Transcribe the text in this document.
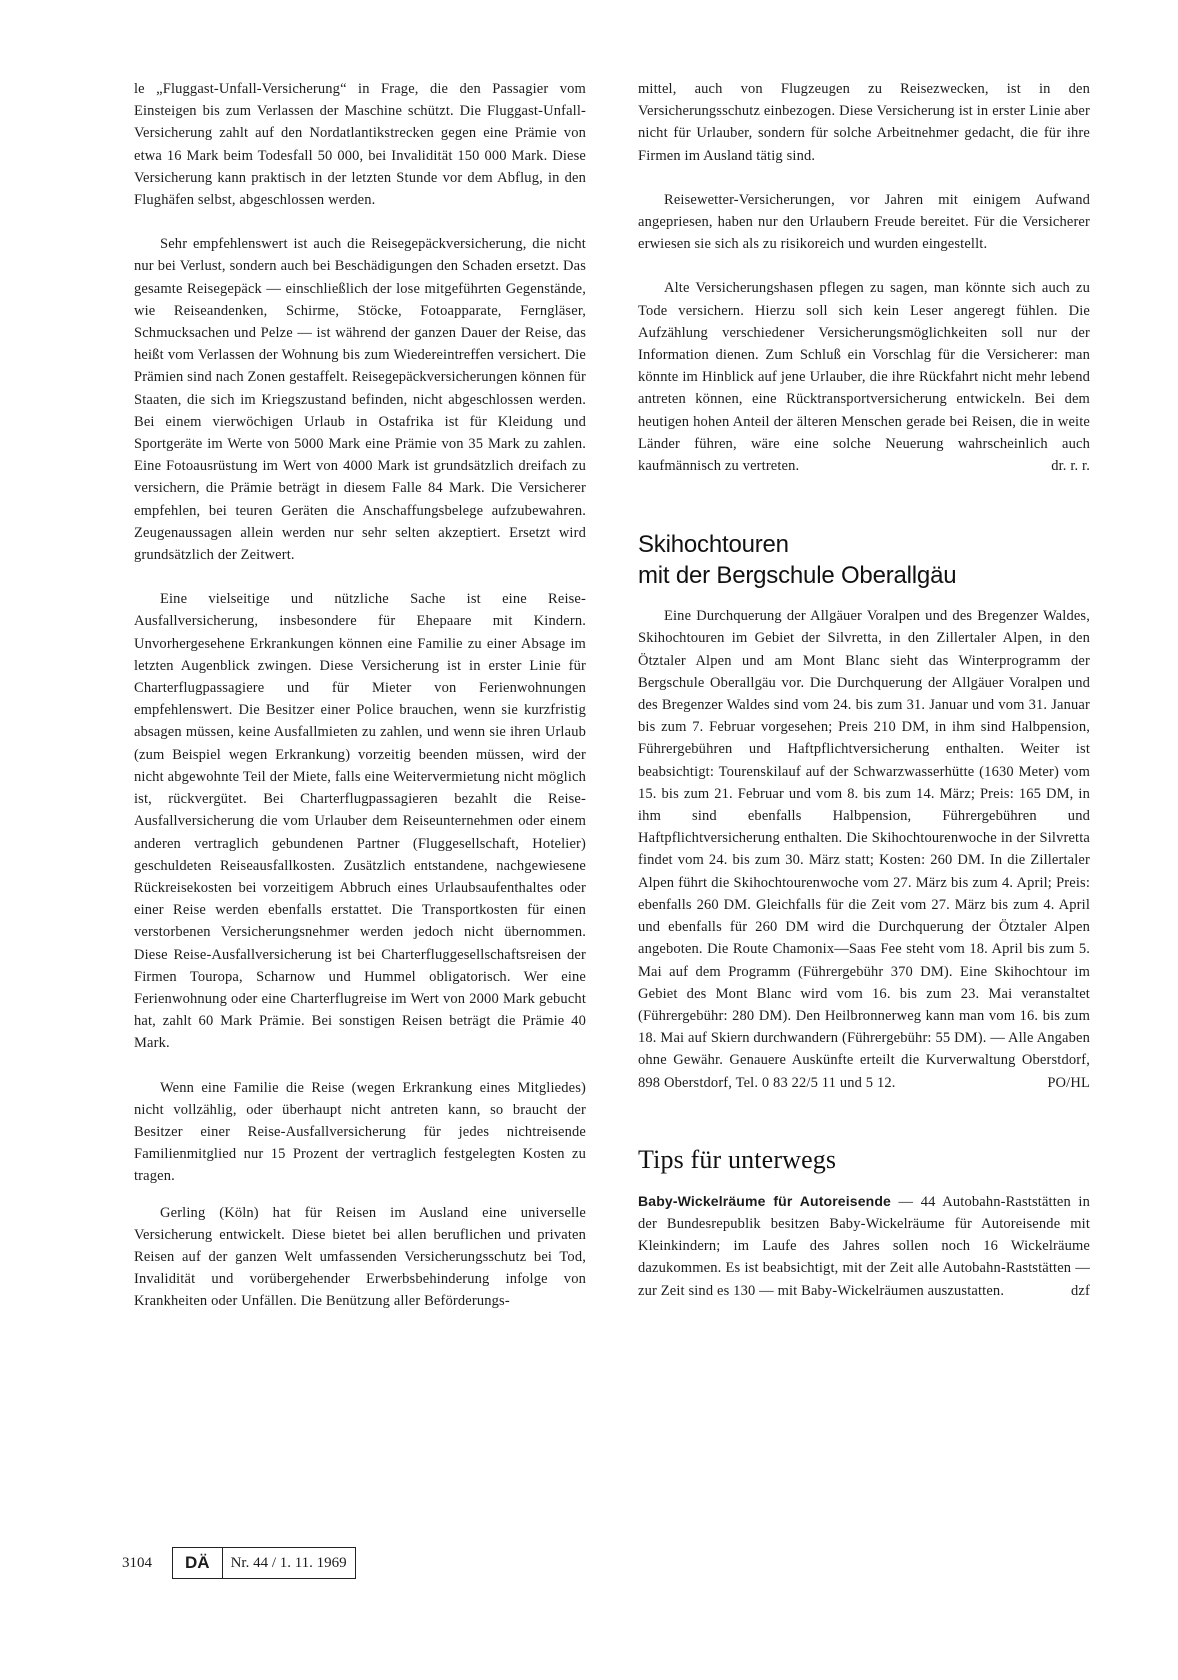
le „Fluggast-Unfall-Versicherung“ in Frage, die den Passagier vom Einsteigen bis zum Verlassen der Maschine schützt. Die Fluggast-Unfall-Versicherung zahlt auf den Nordatlantikstrecken gegen eine Prämie von etwa 16 Mark beim Todesfall 50 000, bei Invalidität 150 000 Mark. Diese Versicherung kann praktisch in der letzten Stunde vor dem Abflug, in den Flughäfen selbst, abgeschlossen werden.

Sehr empfehlenswert ist auch die Reisegepäckversicherung, die nicht nur bei Verlust, sondern auch bei Beschädigungen den Schaden ersetzt. Das gesamte Reisegepäck — einschließlich der lose mitgeführten Gegenstände, wie Reiseandenken, Schirme, Stöcke, Fotoapparate, Ferngläser, Schmucksachen und Pelze — ist während der ganzen Dauer der Reise, das heißt vom Verlassen der Wohnung bis zum Wiedereintreffen versichert. Die Prämien sind nach Zonen gestaffelt. Reisegepäckversicherungen können für Staaten, die sich im Kriegszustand befinden, nicht abgeschlossen werden. Bei einem vierwöchigen Urlaub in Ostafrika ist für Kleidung und Sportgeräte im Werte von 5000 Mark eine Prämie von 35 Mark zu zahlen. Eine Fotoausrüstung im Wert von 4000 Mark ist grundsätzlich dreifach zu versichern, die Prämie beträgt in diesem Falle 84 Mark. Die Versicherer empfehlen, bei teuren Geräten die Anschaffungsbelege aufzubewahren. Zeugenaussagen allein werden nur sehr selten akzeptiert. Ersetzt wird grundsätzlich der Zeitwert.

Eine vielseitige und nützliche Sache ist eine Reise-Ausfallversicherung, insbesondere für Ehepaare mit Kindern. Unvorhergesehene Erkrankungen können eine Familie zu einer Absage im letzten Augenblick zwingen. Diese Versicherung ist in erster Linie für Charterflugpassagiere und für Mieter von Ferienwohnungen empfehlenswert. Die Besitzer einer Police brauchen, wenn sie kurzfristig absagen müssen, keine Ausfallmieten zu zahlen, und wenn sie ihren Urlaub (zum Beispiel wegen Erkrankung) vorzeitig beenden müssen, wird der nicht abgewohnte Teil der Miete, falls eine Weitervermietung nicht möglich ist, rückvergütet. Bei Charterflugpassagieren bezahlt die Reise-Ausfallversicherung die vom Urlauber dem Reiseunternehmen oder einem anderen vertraglich gebundenen Partner (Fluggesellschaft, Hotelier) geschuldeten Reiseausfallkosten. Zusätzlich entstandene, nachgewiesene Rückreisekosten bei vorzeitigem Abbruch eines Urlaubsaufenthaltes oder einer Reise werden ebenfalls erstattet. Die Transportkosten für einen verstorbenen Versicherungsnehmer werden jedoch nicht übernommen. Diese Reise-Ausfallversicherung ist bei Charterfluggesellschaftsreisen der Firmen Touropa, Scharnow und Hummel obligatorisch. Wer eine Ferienwohnung oder eine Charterflugreise im Wert von 2000 Mark gebucht hat, zahlt 60 Mark Prämie. Bei sonstigen Reisen beträgt die Prämie 40 Mark.

Wenn eine Familie die Reise (wegen Erkrankung eines Mitgliedes) nicht vollzählig, oder überhaupt nicht antreten kann, so braucht der Besitzer einer Reise-Ausfallversicherung für jedes nichtreisende Familienmitglied nur 15 Prozent der vertraglich festgelegten Kosten zu tragen.

Gerling (Köln) hat für Reisen im Ausland eine universelle Versicherung entwickelt. Diese bietet bei allen beruflichen und privaten Reisen auf der ganzen Welt umfassenden Versicherungsschutz bei Tod, Invalidität und vorübergehender Erwerbsbehinderung infolge von Krankheiten oder Unfällen. Die Benützung aller Beförderungs-

mittel, auch von Flugzeugen zu Reisezwecken, ist in den Versicherungsschutz einbezogen. Diese Versicherung ist in erster Linie aber nicht für Urlauber, sondern für solche Arbeitnehmer gedacht, die für ihre Firmen im Ausland tätig sind.

Reisewetter-Versicherungen, vor Jahren mit einigem Aufwand angepriesen, haben nur den Urlaubern Freude bereitet. Für die Versicherer erwiesen sie sich als zu risikoreich und wurden eingestellt.

Alte Versicherungshasen pflegen zu sagen, man könnte sich auch zu Tode versichern. Hierzu soll sich kein Leser angeregt fühlen. Die Aufzählung verschiedener Versicherungsmöglichkeiten soll nur der Information dienen. Zum Schluß ein Vorschlag für die Versicherer: man könnte im Hinblick auf jene Urlauber, die ihre Rückfahrt nicht mehr lebend antreten können, eine Rücktransportversicherung entwickeln. Bei dem heutigen hohen Anteil der älteren Menschen gerade bei Reisen, die in weite Länder führen, wäre eine solche Neuerung wahrscheinlich auch kaufmännisch zu vertreten.	dr. r. r.

Skihochtouren
mit der Bergschule Oberallgäu

Eine Durchquerung der Allgäuer Voralpen und des Bregenzer Waldes, Skihochtouren im Gebiet der Silvretta, in den Zillertaler Alpen, in den Ötztaler Alpen und am Mont Blanc sieht das Winterprogramm der Bergschule Oberallgäu vor. Die Durchquerung der Allgäuer Voralpen und des Bregenzer Waldes sind vom 24. bis zum 31. Januar und vom 31. Januar bis zum 7. Februar vorgesehen; Preis 210 DM, in ihm sind Halbpension, Führergebühren und Haftpflichtversicherung enthalten. Weiter ist beabsichtigt: Tourenskilauf auf der Schwarzwasserhütte (1630 Meter) vom 15. bis zum 21. Februar und vom 8. bis zum 14. März; Preis: 165 DM, in ihm sind ebenfalls Halbpension, Führergebühren und Haftpflichtversicherung enthalten. Die Skihochtourenwoche in der Silvretta findet vom 24. bis zum 30. März statt; Kosten: 260 DM. In die Zillertaler Alpen führt die Skihochtourenwoche vom 27. März bis zum 4. April; Preis: ebenfalls 260 DM. Gleichfalls für die Zeit vom 27. März bis zum 4. April und ebenfalls für 260 DM wird die Durchquerung der Ötztaler Alpen angeboten. Die Route Chamonix—Saas Fee steht vom 18. April bis zum 5. Mai auf dem Programm (Führergebühr 370 DM). Eine Skihochtour im Gebiet des Mont Blanc wird vom 16. bis zum 23. Mai veranstaltet (Führergebühr: 280 DM). Den Heilbronnerweg kann man vom 16. bis zum 18. Mai auf Skiern durchwandern (Führergebühr: 55 DM). — Alle Angaben ohne Gewähr. Genauere Auskünfte erteilt die Kurverwaltung Oberstdorf, 898 Oberstdorf, Tel. 0 83 22/5 11 und 5 12.	PO/HL

Tips für unterwegs

Baby-Wickelräume für Autoreisende — 44 Autobahn-Raststätten in der Bundesrepublik besitzen Baby-Wickelräume für Autoreisende mit Kleinkindern; im Laufe des Jahres sollen noch 16 Wickelräume dazukommen. Es ist beabsichtigt, mit der Zeit alle Autobahn-Raststätten — zur Zeit sind es 130 — mit Baby-Wickelräumen auszustatten.	dzf

3104	DÄ	Nr. 44 / 1. 11. 1969
